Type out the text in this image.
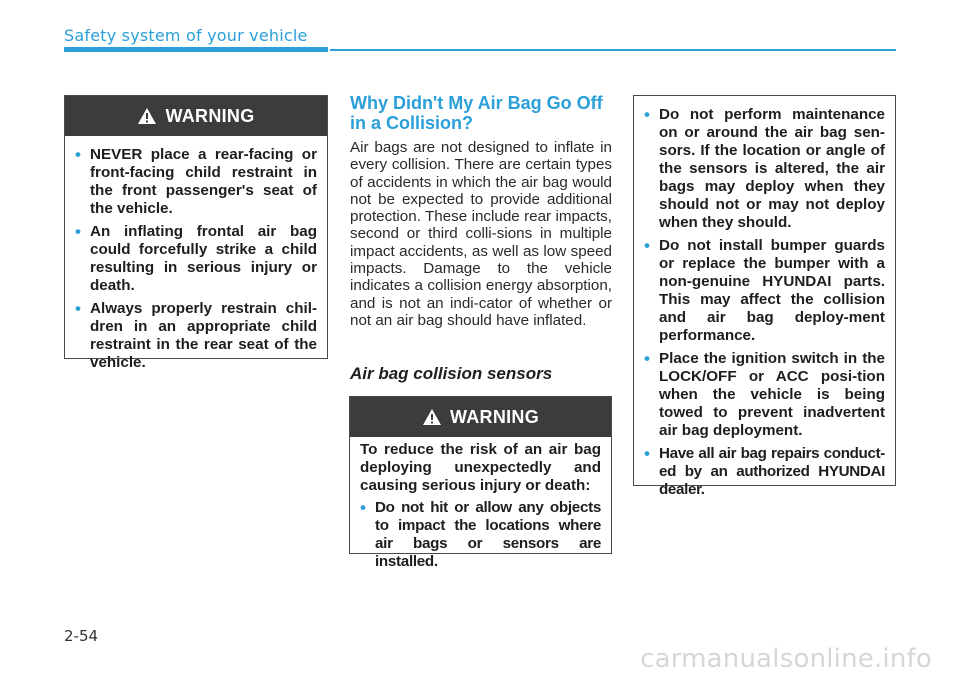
Safety system of your vehicle
WARNING
• NEVER place a rear-facing or front-facing child restraint in the front passenger's seat of the vehicle.
• An inflating frontal air bag could forcefully strike a child resulting in serious injury or death.
• Always properly restrain chil-dren in an appropriate child restraint in the rear seat of the vehicle.
Why Didn't My Air Bag Go Off in a Collision?
Air bags are not designed to inflate in every collision. There are certain types of accidents in which the air bag would not be expected to provide additional protection. These include rear impacts, second or third colli-sions in multiple impact accidents, as well as low speed impacts. Damage to the vehicle indicates a collision energy absorption, and is not an indi-cator of whether or not an air bag should have inflated.
Air bag collision sensors
WARNING

To reduce the risk of an air bag deploying unexpectedly and causing serious injury or death:

• Do not hit or allow any objects to impact the locations where air bags or sensors are installed.
• Do not perform maintenance on or around the air bag sen-sors. If the location or angle of the sensors is altered, the air bags may deploy when they should not or may not deploy when they should.
• Do not install bumper guards or replace the bumper with a non-genuine HYUNDAI parts. This may affect the collision and air bag deploy-ment performance.
• Place the ignition switch in the LOCK/OFF or ACC posi-tion when the vehicle is being towed to prevent inadvertent air bag deployment.
• Have all air bag repairs conduct-ed by an authorized HYUNDAI dealer.
2-54
carmanualsonline.info
